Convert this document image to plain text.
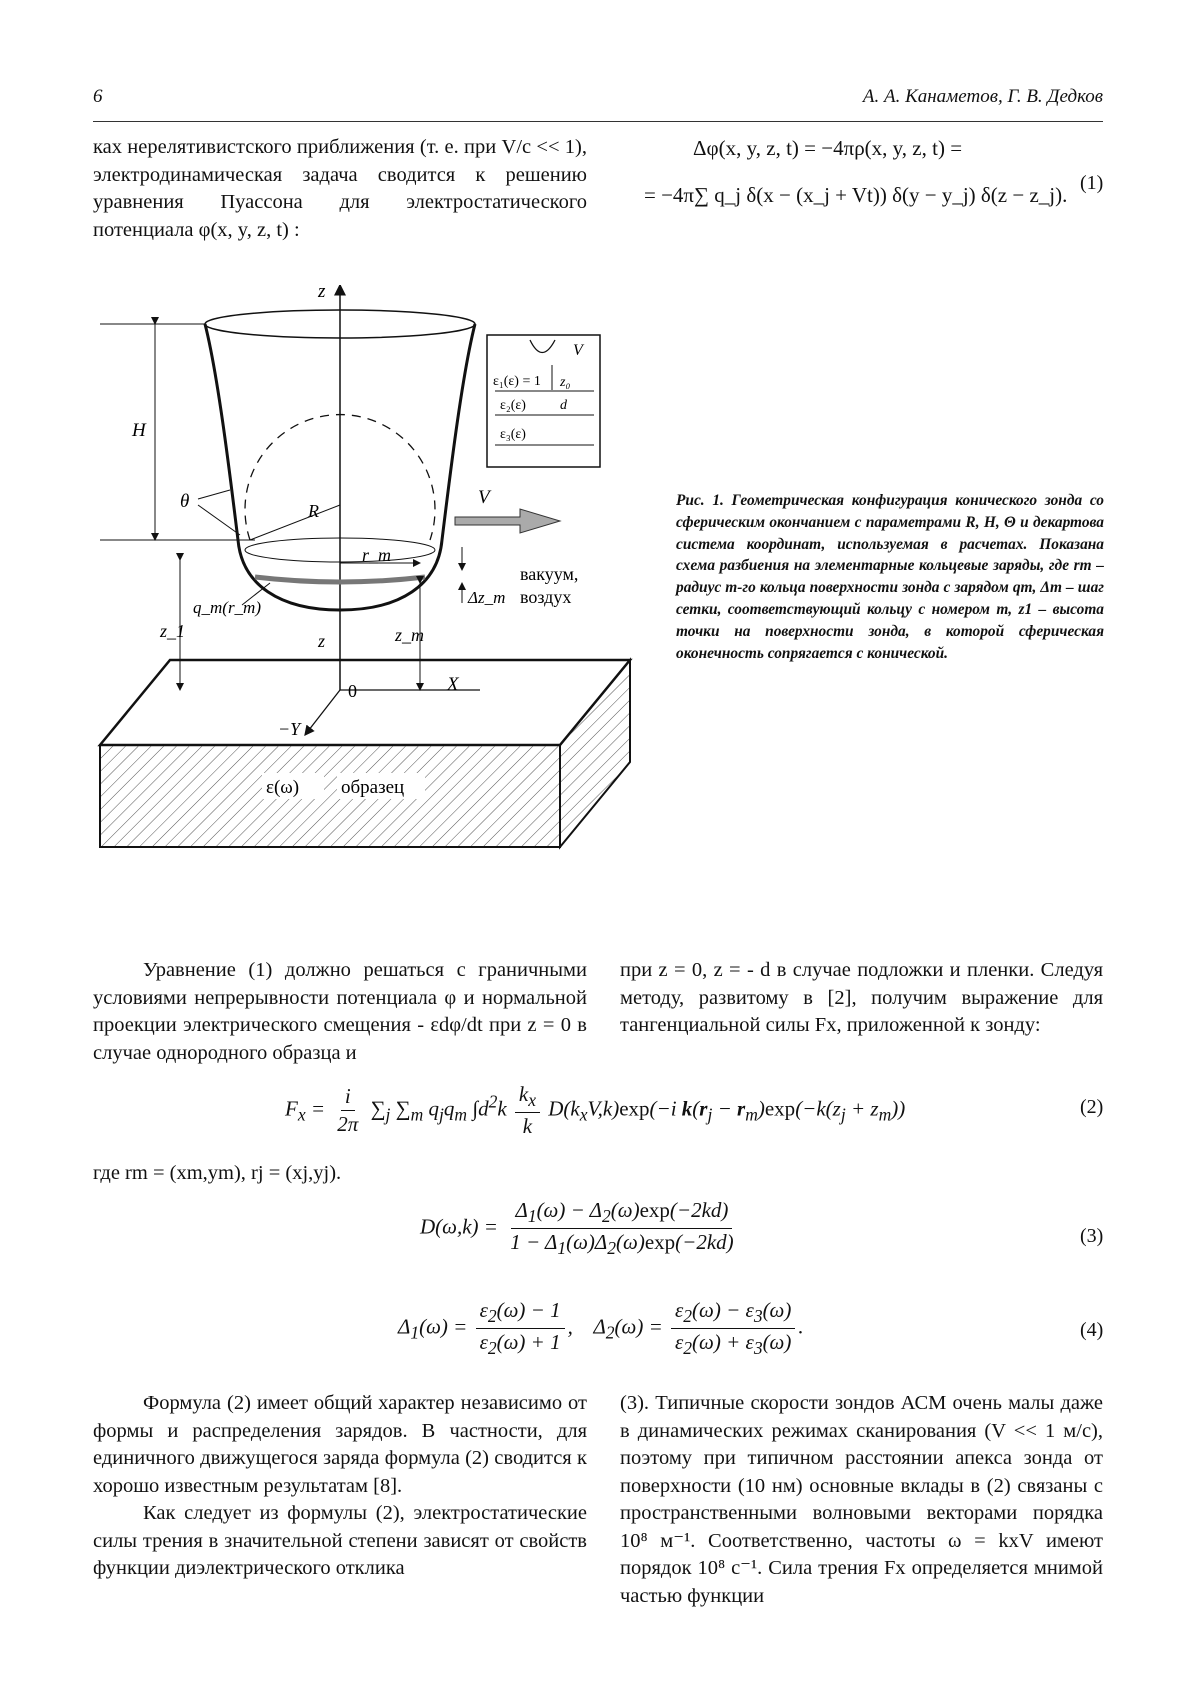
6	А. А. Канаметов, Г. В. Дедков

ках нерелятивистского приближения (т. е. при V/c << 1), электродинамическая задача сводится к решению уравнения Пуассона для электростатического потенциала φ(x, y, z, t) :

Δφ(x, y, z, t) = −4πρ(x, y, z, t) =
= −4π∑ q_j δ(x − (x_j + Vt)) δ(y − y_j) δ(z − z_j). (1)
ε(ω) образец
z
0	X
−Y
r_m
R
θ
H
V
q_m(r_m)
z_1	z	z_m
Δz_m
вакуум,
воздух
V
ε₁(ε) = 1 z₀
ε₂(ε) d
ε₃(ε)

Рис. 1. Геометрическая конфигурация конического зонда со сферическим окончанием с параметрами R, H, Θ и декартова система координат, используемая в расчетах. Показана схема разбиения на элементарные кольцевые заряды, где rm – радиус m-го кольца поверхности зонда с зарядом qm, Δm – шаг сетки, соответствующий кольцу с номером m, z1 – высота точки на поверхности зонда, в которой сферическая оконечность сопрягается с конической.

Уравнение (1) должно решаться с граничными условиями непрерывности потенциала φ и нормальной проекции электрического смещения - εdφ/dt при z = 0 в случае однородного образца и

при z = 0, z = - d в случае подложки и пленки. Следуя методу, развитому в [2], получим выражение для тангенциальной силы Fx, приложенной к зонду:

$F_x = \frac{i}{2\pi} \sum_j$ $\sum_m$ $q_jq_m$ $\int d^2k \frac{k_x}{k} D(k_xV,k)\exp(-i$ $k(r_j - r_m)\exp(-k(z_j + z_m))$	(2)
где rm = (xm,ym), rj = (xj,yj).
$D(\omega,k) = \frac{\Delta_1(\omega) - \Delta_2(\omega)\exp(-2kd)}{1 - \Delta_1(\omega)\Delta_2(\omega)\exp(-2kd)}$	(3)
$\Delta_1(\omega) = \frac{\varepsilon_2(\omega) - 1}{\varepsilon_2(\omega) + 1}$ ,    $\Delta_2(\omega) = \frac{\varepsilon_2(\omega) - \varepsilon_3(\omega)}{\varepsilon_2(\omega) + \varepsilon_3(\omega)}$ .	(4)

Формула (2) имеет общий характер независимо от формы и распределения зарядов. В частности, для единичного движущегося заряда формула (2) сводится к хорошо известным результатам [8].

Как следует из формулы (2), электростатические силы трения в значительной степени зависят от свойств функции диэлектрического отклика

(3). Типичные скорости зондов АСМ очень малы даже в динамических режимах сканирования (V << 1 м/с), поэтому при типичном расстоянии апекса зонда от поверхности (10 нм) основные вклады в (2) связаны с пространственными волновыми векторами порядка 10⁸ м⁻¹. Соответственно, частоты ω = kxV имеют порядок 10⁸ с⁻¹. Сила трения Fx определяется мнимой частью функции
